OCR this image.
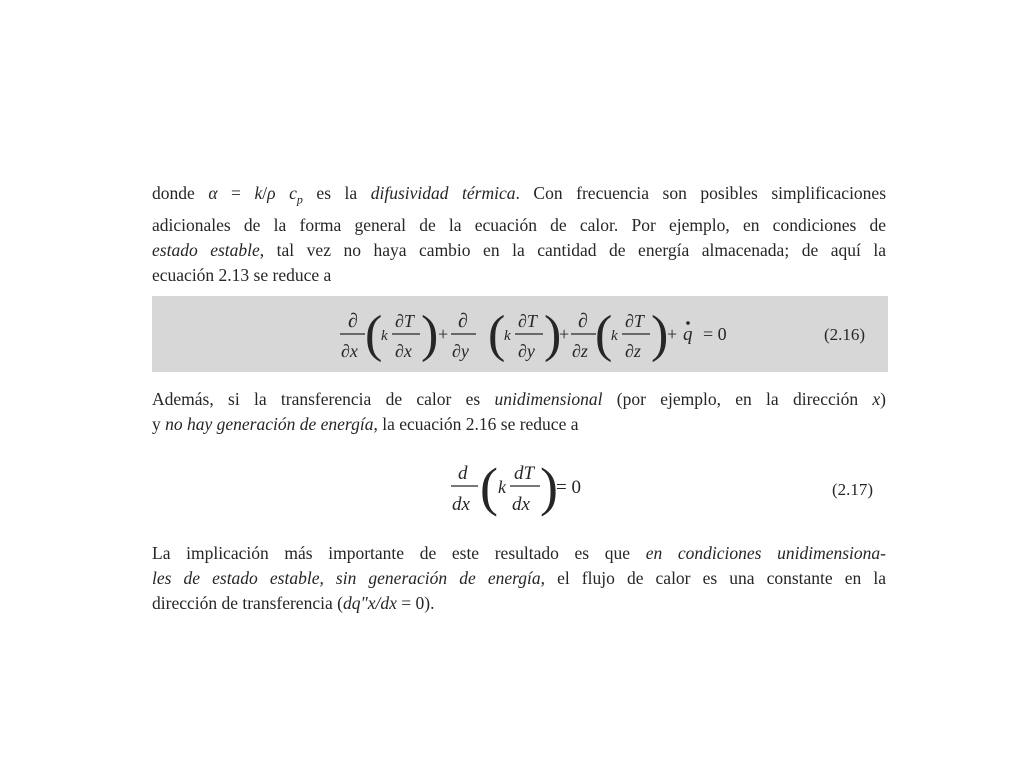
donde α = k/ρ $c_p$ es la difusividad térmica. Con frecuencia son posibles simplificaciones
adicionales de la forma general de la ecuación de calor. Por ejemplo, en condiciones de
estado estable, tal vez no haya cambio en la cantidad de energía almacenada; de aquí la
ecuación 2.13 se reduce a
∂
∂x (
k
∂T
∂x ) +
∂
∂y (
k
∂T
∂y )
+
∂
∂z (
k
∂T
∂z )
+ q = 0	(2.16)
Además, si la transferencia de calor es unidimensional (por ejemplo, en la dirección x)
y no hay generación de energía, la ecuación 2.16 se reduce a
d
dx ( k
dT
dx )
= 0	(2.17)
La implicación más importante de este resultado es que en condiciones unidimensiona-
les de estado estable, sin generación de energía, el flujo de calor es una constante en la
dirección de transferencia (dq″x/dx = 0).
